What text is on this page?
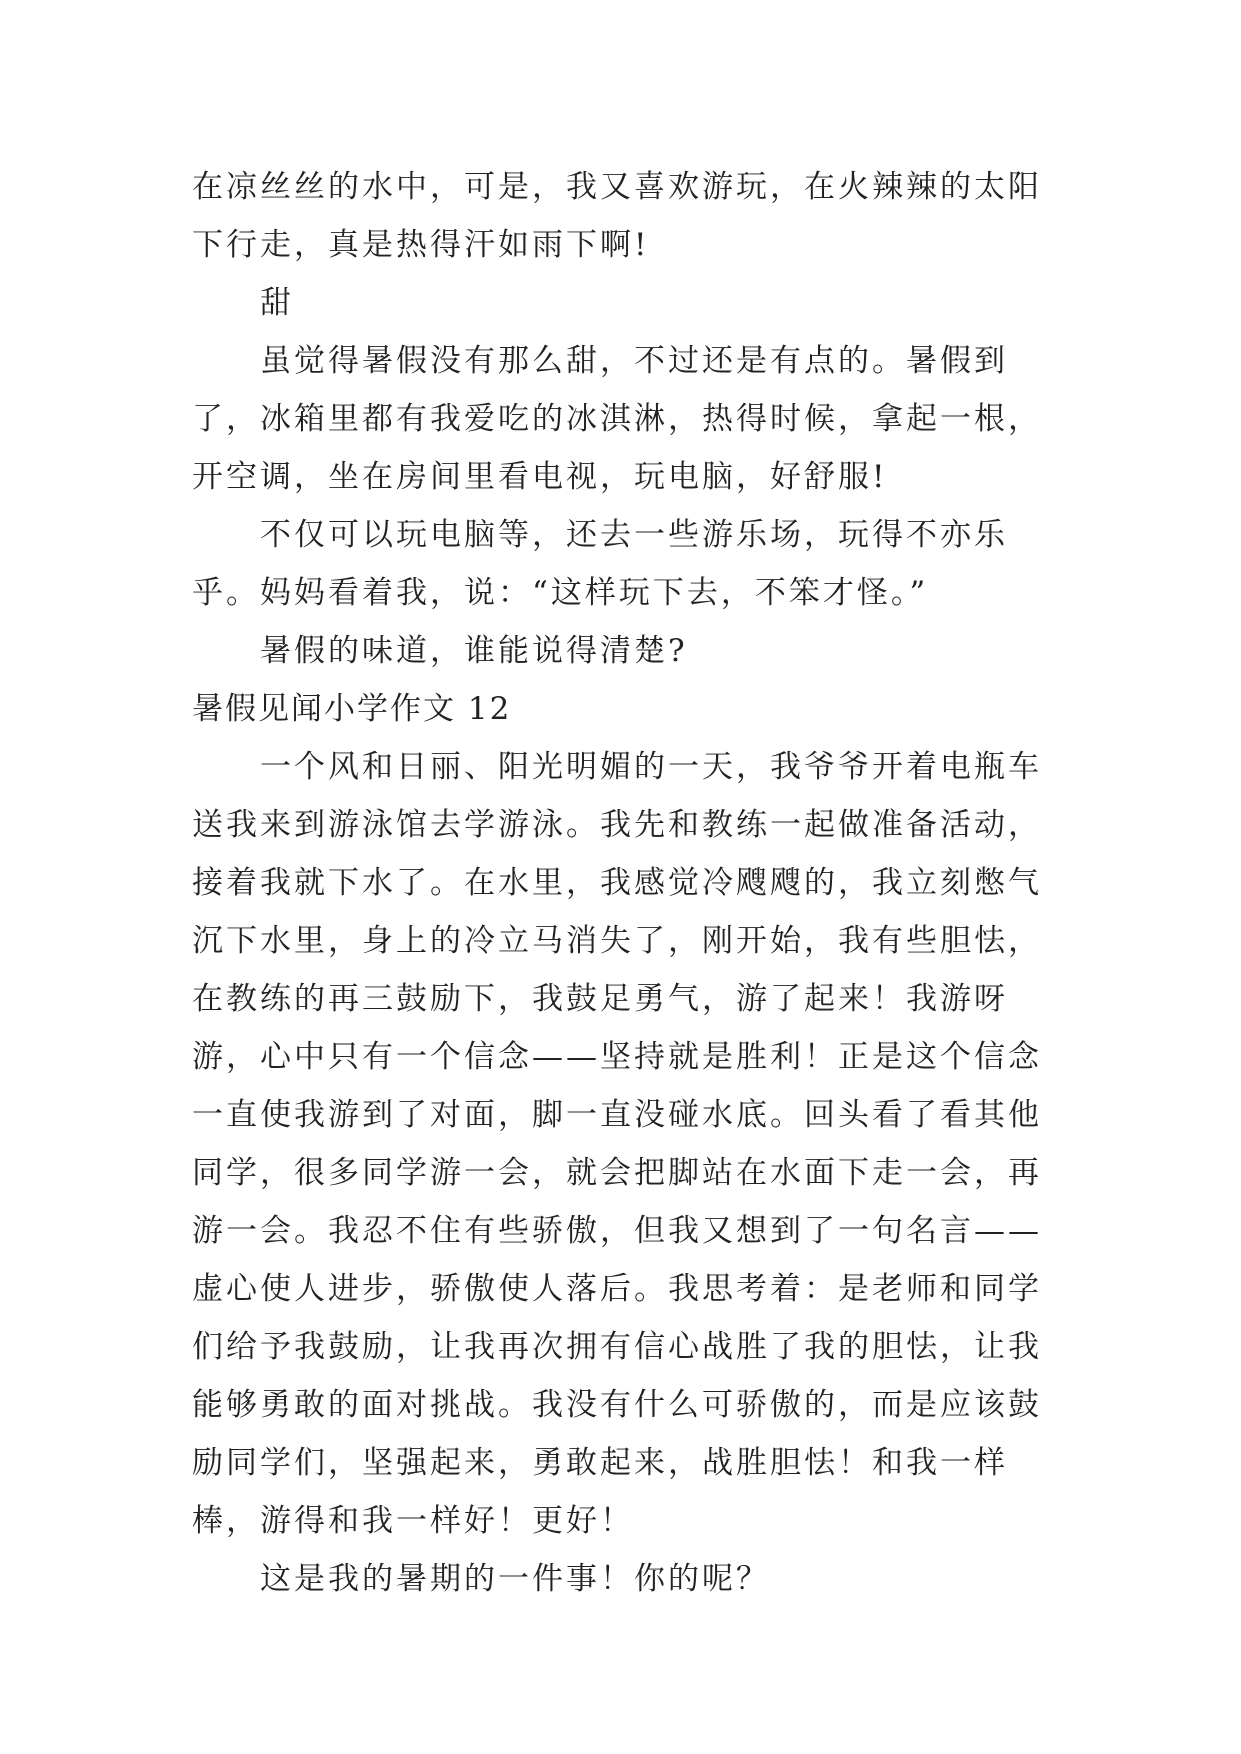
在凉丝丝的水中，可是，我又喜欢游玩，在火辣辣的太阳下行走，真是热得汗如雨下啊!

甜

虽觉得暑假没有那么甜，不过还是有点的。暑假到了，冰箱里都有我爱吃的冰淇淋，热得时候，拿起一根，开空调，坐在房间里看电视，玩电脑，好舒服!

不仅可以玩电脑等，还去一些游乐场，玩得不亦乐乎。妈妈看着我，说：“这样玩下去，不笨才怪。”

暑假的味道，谁能说得清楚?

暑假见闻小学作文 12

一个风和日丽、阳光明媚的一天，我爷爷开着电瓶车送我来到游泳馆去学游泳。我先和教练一起做准备活动，接着我就下水了。在水里，我感觉冷飕飕的，我立刻憋气沉下水里，身上的冷立马消失了，刚开始，我有些胆怯，在教练的再三鼓励下，我鼓足勇气，游了起来！我游呀游，心中只有一个信念——坚持就是胜利！正是这个信念一直使我游到了对面，脚一直没碰水底。回头看了看其他同学，很多同学游一会，就会把脚站在水面下走一会，再游一会。我忍不住有些骄傲，但我又想到了一句名言——虚心使人进步，骄傲使人落后。我思考着：是老师和同学们给予我鼓励，让我再次拥有信心战胜了我的胆怯，让我能够勇敢的面对挑战。我没有什么可骄傲的，而是应该鼓励同学们，坚强起来，勇敢起来，战胜胆怯！和我一样棒，游得和我一样好！更好！

这是我的暑期的一件事！你的呢？
